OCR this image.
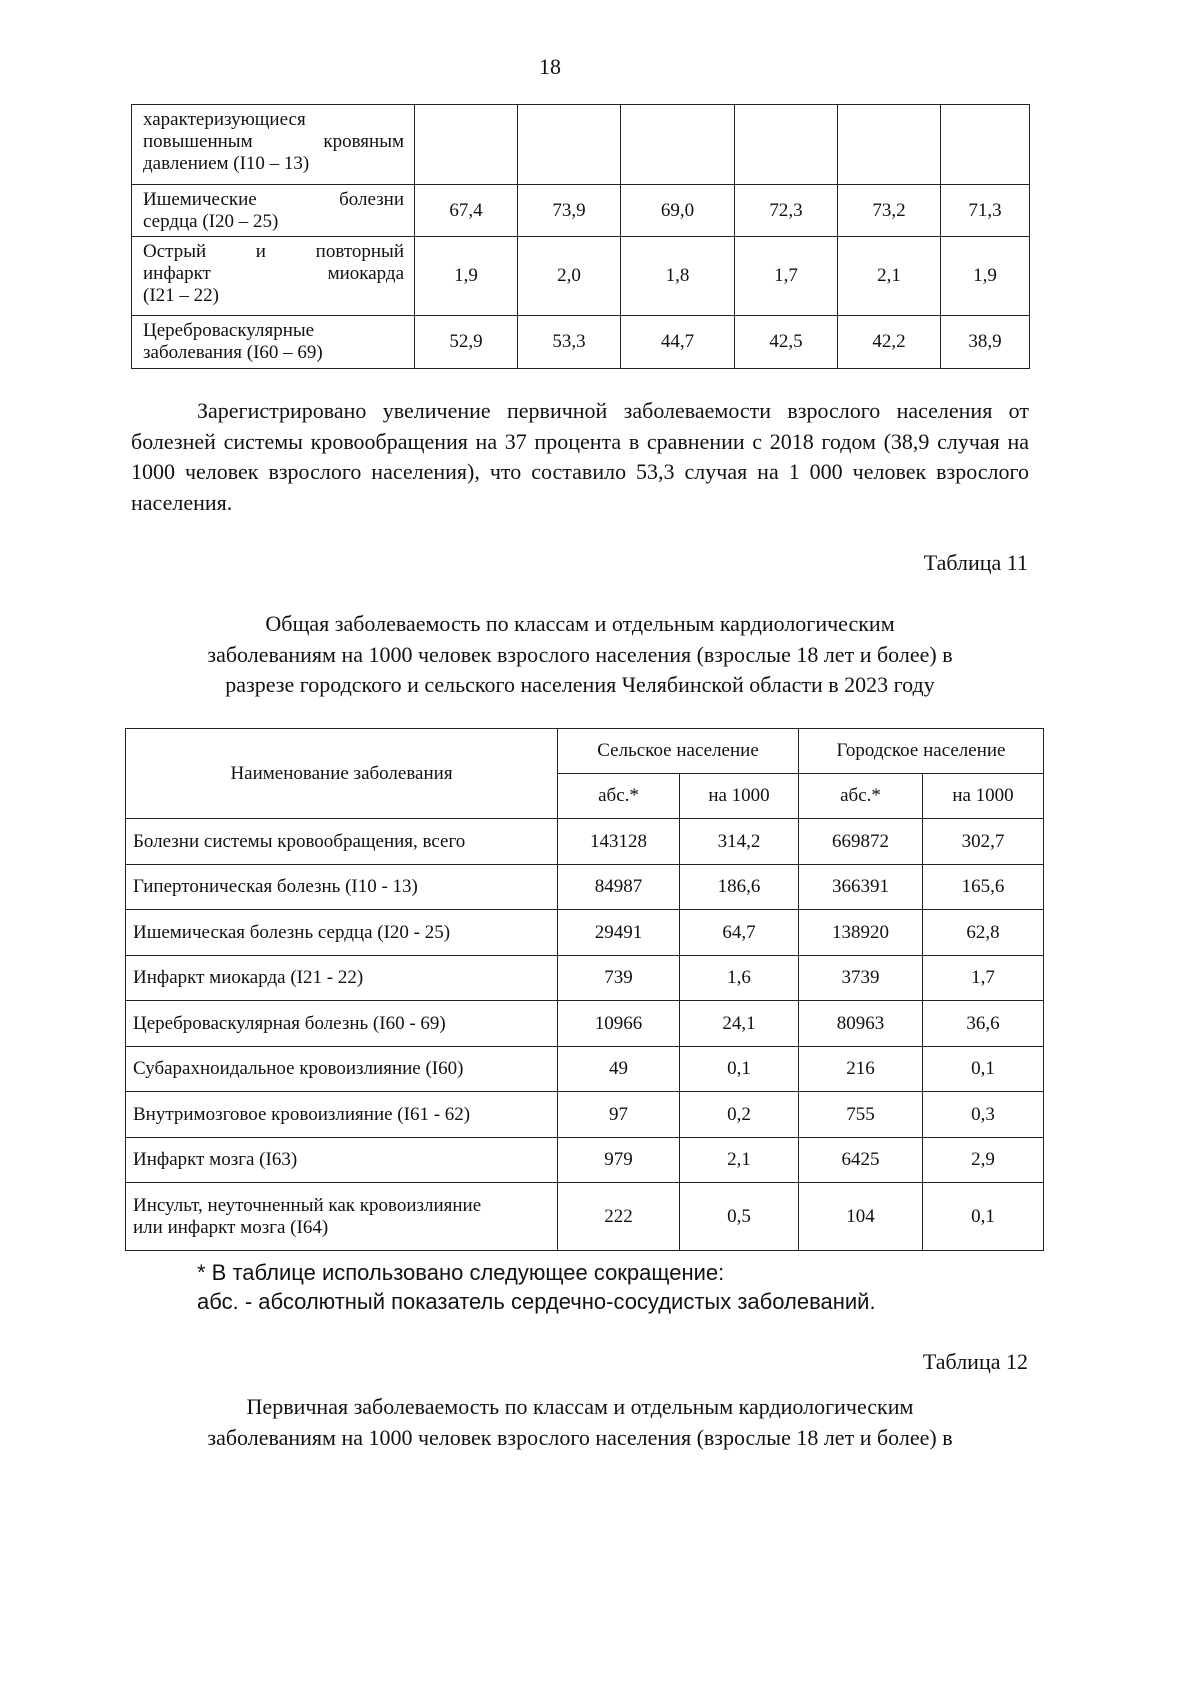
18
характеризующиеся
повышенным кровяным

давлением (I10 – 13)						

Ишемические болезни

сердца (I20 – 25)	67,4	73,9	69,0	72,3	73,2	71,3
Острый и повторный
инфаркт миокарда

(I21 – 22)	1,9	2,0	1,8	1,7	2,1	1,9
Цереброваскулярные

заболевания (I60 – 69)	52,9	53,3	44,7	42,5	42,2	38,9
Зарегистрировано увеличение первичной заболеваемости взрослого населения от болезней системы кровообращения на 37 процента в сравнении с 2018 годом (38,9 случая на 1000 человек взрослого населения), что составило 53,3 случая на 1 000 человек взрослого населения.
Таблица 11
Общая заболеваемость по классам и отдельным кардиологическим
заболеваниям на 1000 человек взрослого населения (взрослые 18 лет и более) в
разрезе городского и сельского населения Челябинской области в 2023 году
Наименование заболевания	Сельское население		Городское население	
	абс.*	на 1000	абс.*	на 1000
Болезни системы кровообращения, всего	143128	314,2	669872	302,7
Гипертоническая болезнь (I10 - 13)	84987	186,6	366391	165,6
Ишемическая болезнь сердца (I20 - 25)	29491	64,7	138920	62,8
Инфаркт миокарда (I21 - 22)	739	1,6	3739	1,7
Цереброваскулярная болезнь (I60 - 69)	10966	24,1	80963	36,6
Субарахноидальное кровоизлияние (I60)	49	0,1	216	0,1
Внутримозговое кровоизлияние (I61 - 62)	97	0,2	755	0,3
Инфаркт мозга (I63)	979	2,1	6425	2,9
Инсульт, неуточненный как кровоизлияние
или инфаркт мозга (I64)	222	0,5	104	0,1
* В таблице использовано следующее сокращение:
абс. - абсолютный показатель сердечно-сосудистых заболеваний.
Таблица 12
Первичная заболеваемость по классам и отдельным кардиологическим
заболеваниям на 1000 человек взрослого населения (взрослые 18 лет и более) в
